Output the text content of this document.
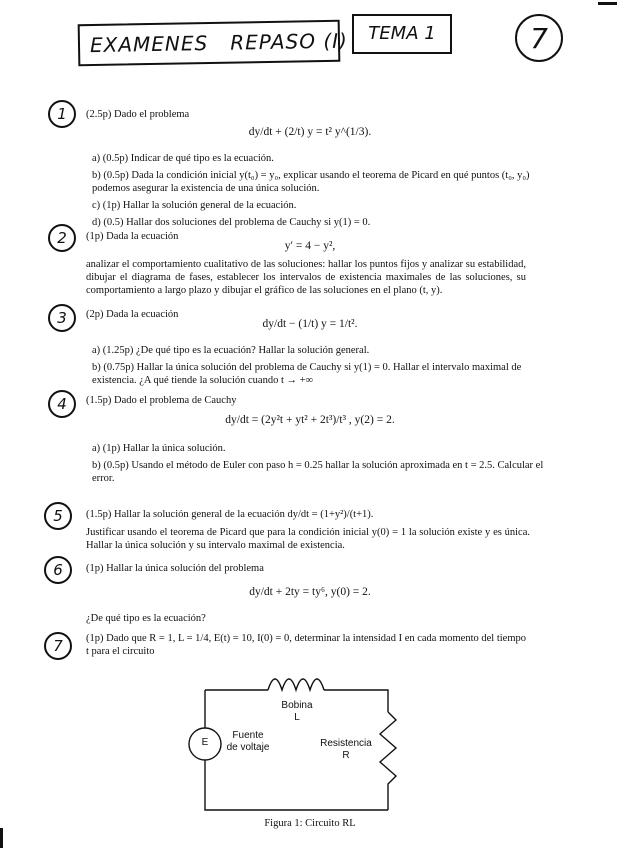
EXAMENES   REPASO (I)	TEMA 1	7
1 (2.5p) Dado el problema
dy/dt + (2/t) y = t² y^(1/3).
a) (0.5p) Indicar de qué tipo es la ecuación.
b) (0.5p) Dada la condición inicial y(t₀) = y₀, explicar usando el teorema de Picard en qué puntos (t₀, y₀) podemos asegurar la existencia de una única solución.
c) (1p) Hallar la solución general de la ecuación.
d) (0.5) Hallar dos soluciones del problema de Cauchy si y(1) = 0.
2 (1p) Dada la ecuación
y′ = 4 − y²,
analizar el comportamiento cualitativo de las soluciones: hallar los puntos fijos y analizar su estabilidad, dibujar el diagrama de fases, establecer los intervalos de existencia maximales de las soluciones, su comportamiento a largo plazo y dibujar el gráfico de las soluciones en el plano (t, y).
3 (2p) Dada la ecuación
dy/dt − (1/t) y = 1/t².
a) (1.25p) ¿De qué tipo es la ecuación? Hallar la solución general.
b) (0.75p) Hallar la única solución del problema de Cauchy si y(1) = 0. Hallar el intervalo maximal de existencia. ¿A qué tiende la solución cuando t → +∞
4 (1.5p) Dado el problema de Cauchy
dy/dt = (2y²t + yt² + 2t³)/t³ , y(2) = 2.
a) (1p) Hallar la única solución.
b) (0.5p) Usando el método de Euler con paso h = 0.25 hallar la solución aproximada en t = 2.5. Calcular el error.
5 (1.5p) Hallar la solución general de la ecuación dy/dt = (1+y²)/(t+1).
Justificar usando el teorema de Picard que para la condición inicial y(0) = 1 la solución existe y es única. Hallar la única solución y su intervalo maximal de existencia.
6 (1p) Hallar la única solución del problema
dy/dt + 2ty = ty⁶, y(0) = 2.
¿De qué tipo es la ecuación?
7 (1p) Dado que R = 1, L = 1/4, E(t) = 10, I(0) = 0, determinar la intensidad I en cada momento del tiempo t para el circuito
E
Bobina
L
Fuente
de voltaje	Resistencia
R
Figura 1: Circuito RL
